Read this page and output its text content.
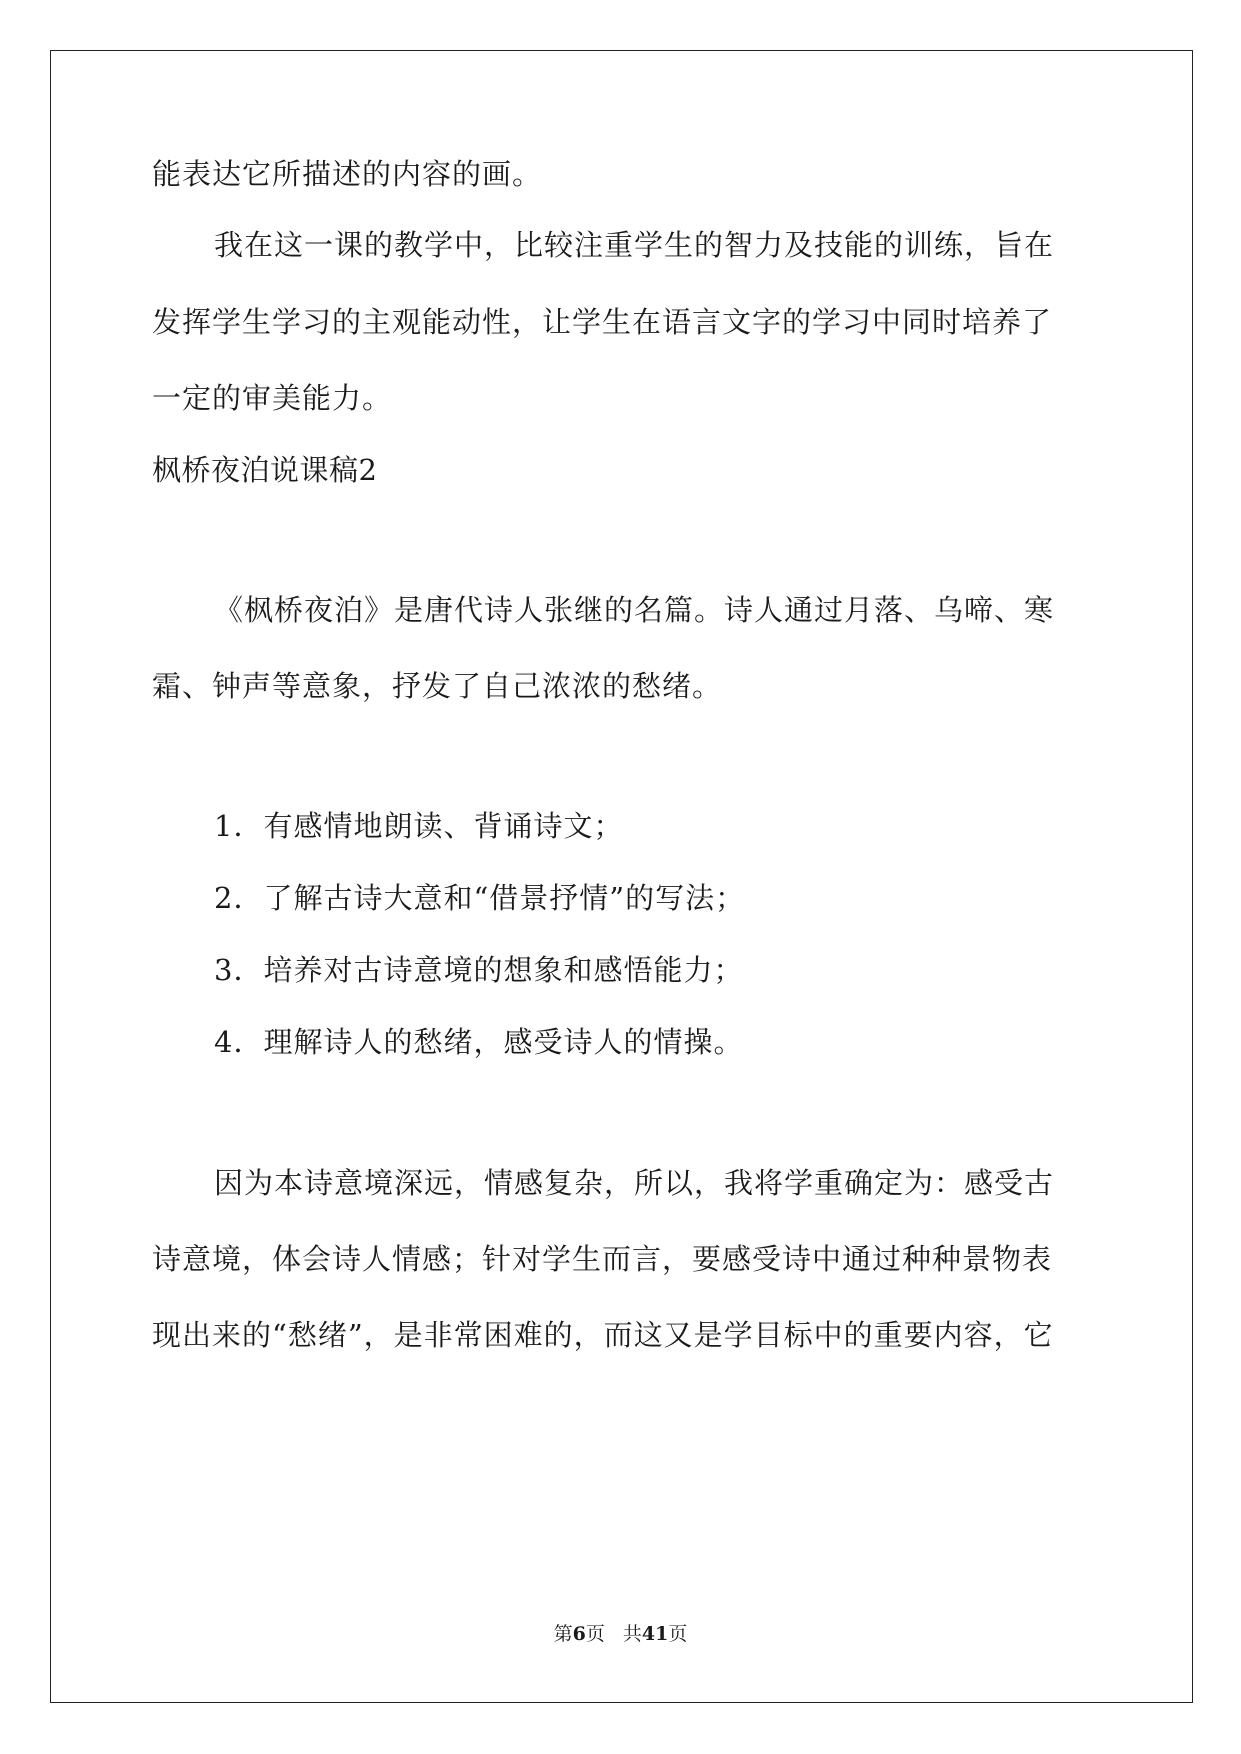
能表达它所描述的内容的画。
我在这一课的教学中，比较注重学生的智力及技能的训练，旨在
发挥学生学习的主观能动性，让学生在语言文字的学习中同时培养了
一定的审美能力。
枫桥夜泊说课稿2
《枫桥夜泊》是唐代诗人张继的名篇。诗人通过月落、乌啼、寒
霜、钟声等意象，抒发了自己浓浓的愁绪。
1．有感情地朗读、背诵诗文；
2．了解古诗大意和“借景抒情”的写法；
3．培养对古诗意境的想象和感悟能力；
4．理解诗人的愁绪，感受诗人的情操。
因为本诗意境深远，情感复杂，所以，我将学重确定为：感受古
诗意境，体会诗人情感；针对学生而言，要感受诗中通过种种景物表
现出来的“愁绪”，是非常困难的，而这又是学目标中的重要内容，它
第6页 共41页
